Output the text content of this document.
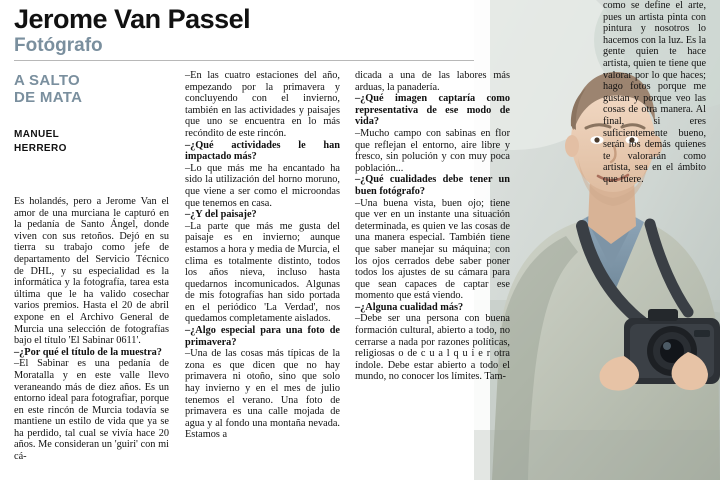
Jerome Van Passel
Fotógrafo
A SALTO
DE MATA
MANUEL
HERRERO

Es holandés, pero a Jerome Van el amor de una murciana le capturó en la pedanía de Santo Ángel, donde viven con sus retoños. Dejó en su tierra su trabajo como jefe de departamento del Servicio Técnico de DHL, y su especialidad es la informática y la fotografía, tarea esta última que le ha valido cosechar varios premios. Hasta el 20 de abril expone en el Archivo General de Murcia una selección de fotografías bajo el título 'El Sabinar 0611'.

–¿Por qué el título de la muestra?

–El Sabinar es una pedanía de Moratalla y en este valle llevo veraneando más de diez años. Es un entorno ideal para fotografiar, porque en este rincón de Murcia todavía se mantiene un estilo de vida que ya se ha perdido, tal cual se vivía hace 20 años. Me consideran un 'guiri' con mi cá-

–En las cuatro estaciones del año, empezando por la primavera y concluyendo con el invierno, también en las actividades y paisajes que uno se encuentra en lo más recóndito de este rincón.

–¿Qué actividades le han impactado más?

–Lo que más me ha encantado ha sido la utilización del horno moruno, que viene a ser como el microondas que tenemos en casa.

–¿Y del paisaje?

–La parte que más me gusta del paisaje es en invierno; aunque estamos a hora y media de Murcia, el clima es totalmente distinto, todos los años nieva, incluso hasta quedarnos incomunicados. Algunas de mis fotografías han sido portada en el periódico 'La Verdad', nos quedamos completamente aislados.

–¿Algo especial para una foto de primavera?

–Una de las cosas más típicas de la zona es que dicen que no hay primavera ni otoño, sino que solo hay invierno y en el mes de julio tenemos el verano. Una foto de primavera es una calle mojada de agua y al fondo una montaña nevada. Estamos a

dicada a una de las labores más arduas, la panadería.

–¿Qué imagen captaría como representativa de ese modo de vida?

–Mucho campo con sabinas en flor que reflejan el entorno, aire libre y fresco, sin polución y con muy poca población...

–¿Qué cualidades debe tener un buen fotógrafo?

–Una buena vista, buen ojo; tiene que ver en un instante una situación determinada, es quien ve las cosas de una manera especial. También tiene que saber manejar su máquina; con los ojos cerrados debe saber poner todos los ajustes de su cámara para que sean capaces de captar ese momento que está viendo.

–¿Alguna cualidad más?

–Debe ser una persona con buena formación cultural, abierto a todo, no cerrarse a nada por razones políticas, religiosas o de c u a l q u i e r otra índole. Debe estar abierto a todo el mundo, no conocer los límites. Tam-

como se define el arte, pues un artista pinta con pintura y nosotros lo hacemos con la luz. Es la gente quien te hace artista, quien te tiene que valorar por lo que haces; hago fotos porque me gustan y porque veo las cosas de otra manera. Al final, si eres suficientemente bueno, serán los demás quienes te valorarán como artista, sea en el ámbito que fuere.
